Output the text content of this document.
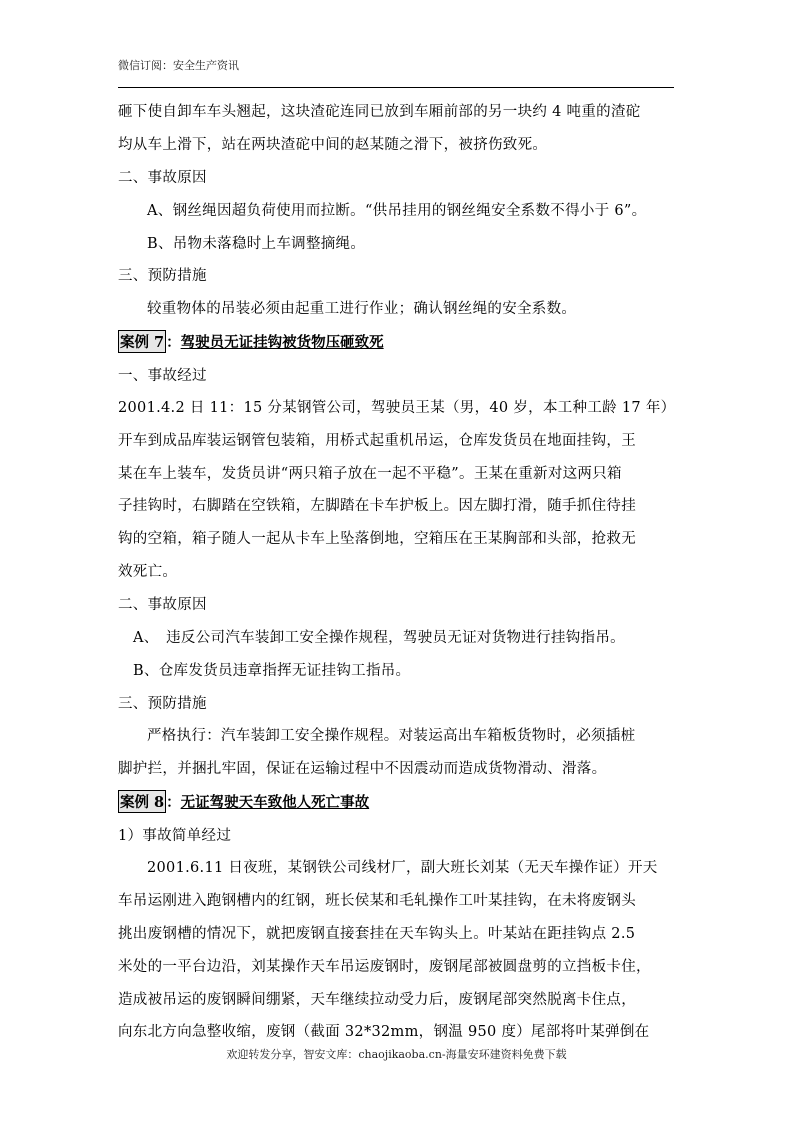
微信订阅：安全生产资讯
砸下使自卸车车头翘起，这块渣砣连同已放到车厢前部的另一块约 4 吨重的渣砣
均从车上滑下，站在两块渣砣中间的赵某随之滑下，被挤伤致死。
二、事故原因
A、钢丝绳因超负荷使用而拉断。“供吊挂用的钢丝绳安全系数不得小于 6”。
B、吊物未落稳时上车调整摘绳。
三、预防措施
较重物体的吊装必须由起重工进行作业；确认钢丝绳的安全系数。
案例 7 ：驾驶员无证挂钩被货物压砸致死
一、事故经过
2001.4.2 日 11：15 分某钢管公司，驾驶员王某（男，40 岁，本工种工龄 17 年）
开车到成品库装运钢管包装箱，用桥式起重机吊运，仓库发货员在地面挂钩，王
某在车上装车，发货员讲“两只箱子放在一起不平稳”。王某在重新对这两只箱
子挂钩时，右脚踏在空铁箱，左脚踏在卡车护板上。因左脚打滑，随手抓住待挂
钩的空箱，箱子随人一起从卡车上坠落倒地，空箱压在王某胸部和头部，抢救无
效死亡。
二、事故原因
A、　违反公司汽车装卸工安全操作规程，驾驶员无证对货物进行挂钩指吊。
B、仓库发货员违章指挥无证挂钩工指吊。
三、预防措施
严格执行：汽车装卸工安全操作规程。对装运高出车箱板货物时，必须插桩
脚护拦，并捆扎牢固，保证在运输过程中不因震动而造成货物滑动、滑落。
案例 8 ：无证驾驶天车致他人死亡事故
1）事故简单经过
2001.6.11 日夜班，某钢铁公司线材厂，副大班长刘某（无天车操作证）开天
车吊运刚进入跑钢槽内的红钢，班长侯某和毛轧操作工叶某挂钩，在未将废钢头
挑出废钢槽的情况下，就把废钢直接套挂在天车钩头上。叶某站在距挂钩点 2.5
米处的一平台边沿，刘某操作天车吊运废钢时，废钢尾部被圆盘剪的立挡板卡住，
造成被吊运的废钢瞬间绷紧，天车继续拉动受力后，废钢尾部突然脱离卡住点，
向东北方向急整收缩，废钢（截面 32*32mm，钢温 950 度）尾部将叶某弹倒在
欢迎转发分享，智安文库：chaojikaoba.cn-海量安环建资料免费下载
